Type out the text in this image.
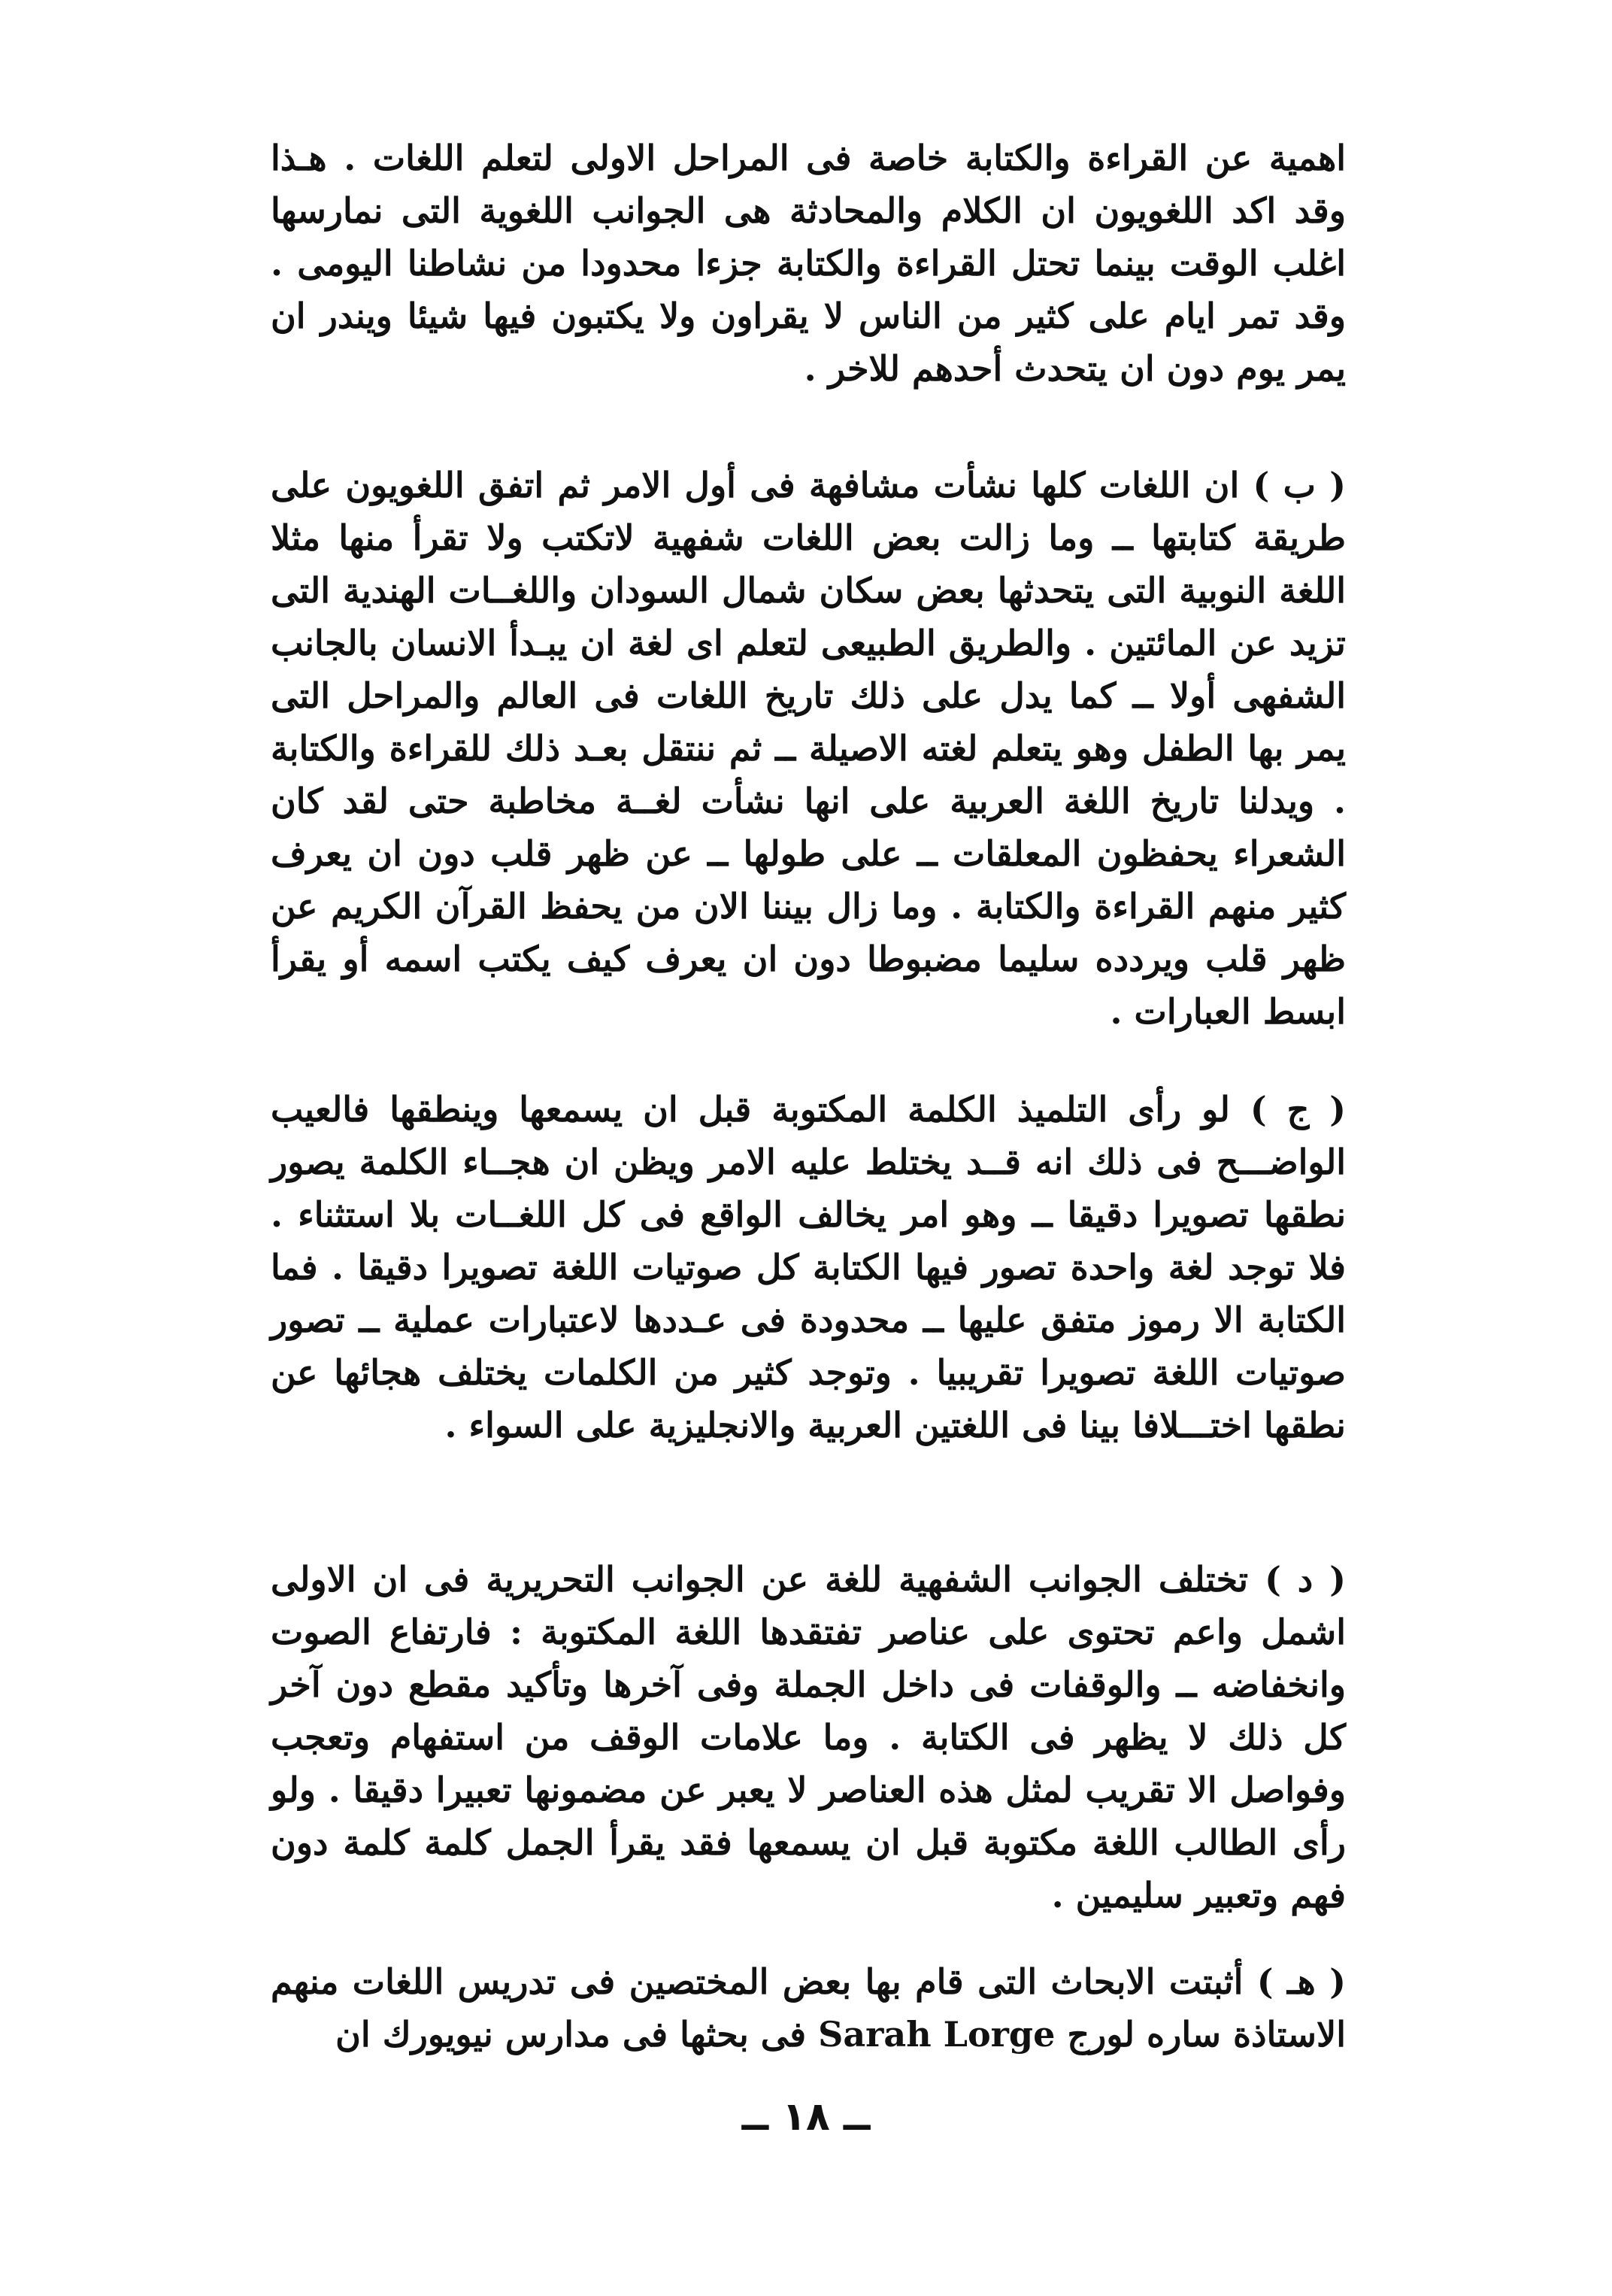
اهمية عن القراءة والكتابة خاصة فى المراحل الاولى لتعلم اللغات . هـذا وقد اكد اللغويون ان الكلام والمحادثة هى الجوانب اللغوية التى نمارسها اغلب الوقت بينما تحتل القراءة والكتابة جزءا محدودا من نشاطنا اليومى . وقد تمر ايام على كثير من الناس لا يقراون ولا يكتبون فيها شيئا ويندر ان يمر يوم دون ان يتحدث أحدهم للاخر .

( ب ) ان اللغات كلها نشأت مشافهة فى أول الامر ثم اتفق اللغويون على طريقة كتابتها ــ وما زالت بعض اللغات شفهية لاتكتب ولا تقرأ منها مثلا اللغة النوبية التى يتحدثها بعض سكان شمال السودان واللغــات الهندية التى تزيد عن المائتين . والطريق الطبيعى لتعلم اى لغة ان يبـدأ الانسان بالجانب الشفهى أولا ــ كما يدل على ذلك تاريخ اللغات فى العالم والمراحل التى يمر بها الطفل وهو يتعلم لغته الاصيلة ــ ثم ننتقل بعـد ذلك للقراءة والكتابة . ويدلنا تاريخ اللغة العربية على انها نشأت لغــة مخاطبة حتى لقد كان الشعراء يحفظون المعلقات ــ على طولها ــ عن ظهر قلب دون ان يعرف كثير منهم القراءة والكتابة . وما زال بيننا الان من يحفظ القرآن الكريم عن ظهر قلب ويردده سليما مضبوطا دون ان يعرف كيف يكتب اسمه أو يقرأ ابسط العبارات .

( ج ) لو رأى التلميذ الكلمة المكتوبة قبل ان يسمعها وينطقها فالعيب الواضـــح فى ذلك انه قــد يختلط عليه الامر ويظن ان هجــاء الكلمة يصور نطقها تصويرا دقيقا ــ وهو امر يخالف الواقع فى كل اللغــات بلا استثناء . فلا توجد لغة واحدة تصور فيها الكتابة كل صوتيات اللغة تصويرا دقيقا . فما الكتابة الا رموز متفق عليها ــ محدودة فى عـددها لاعتبارات عملية ــ تصور صوتيات اللغة تصويرا تقريبيا . وتوجد كثير من الكلمات يختلف هجائها عن نطقها اختـــلافا بينا فى اللغتين العربية والانجليزية على السواء .

( د ) تختلف الجوانب الشفهية للغة عن الجوانب التحريرية فى ان الاولى اشمل واعم تحتوى على عناصر تفتقدها اللغة المكتوبة : فارتفاع الصوت وانخفاضه ــ والوقفات فى داخل الجملة وفى آخرها وتأكيد مقطع دون آخر كل ذلك لا يظهر فى الكتابة . وما علامات الوقف من استفهام وتعجب وفواصل الا تقريب لمثل هذه العناصر لا يعبر عن مضمونها تعبيرا دقيقا . ولو رأى الطالب اللغة مكتوبة قبل ان يسمعها فقد يقرأ الجمل كلمة كلمة دون فهم وتعبير سليمين .

( هـ ) أثبتت الابحاث التى قام بها بعض المختصين فى تدريس اللغات منهم الاستاذة ساره لورج Sarah Lorge فى بحثها فى مدارس نيويورك ان

ــ ١٨ ــ
